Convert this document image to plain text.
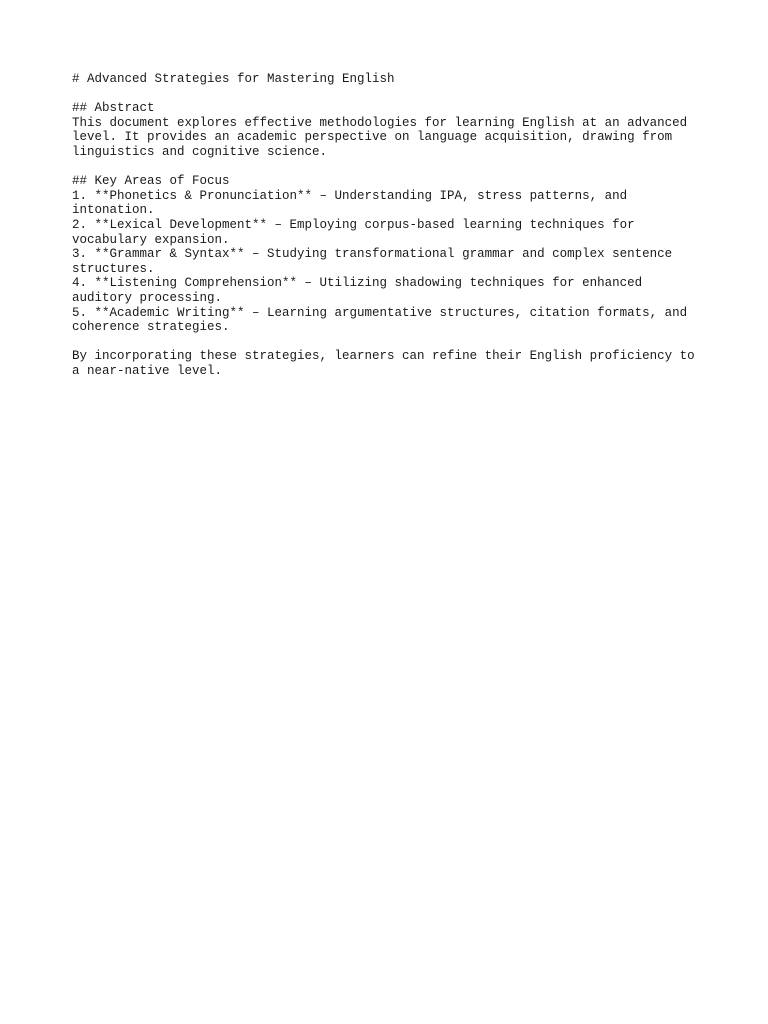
# Advanced Strategies for Mastering English
## Abstract
This document explores effective methodologies for learning English at an advanced
level. It provides an academic perspective on language acquisition, drawing from
linguistics and cognitive science.
## Key Areas of Focus
1. **Phonetics & Pronunciation** – Understanding IPA, stress patterns, and
intonation.
2. **Lexical Development** – Employing corpus-based learning techniques for
vocabulary expansion.
3. **Grammar & Syntax** – Studying transformational grammar and complex sentence
structures.
4. **Listening Comprehension** – Utilizing shadowing techniques for enhanced
auditory processing.
5. **Academic Writing** – Learning argumentative structures, citation formats, and
coherence strategies.
By incorporating these strategies, learners can refine their English proficiency to
a near-native level.
